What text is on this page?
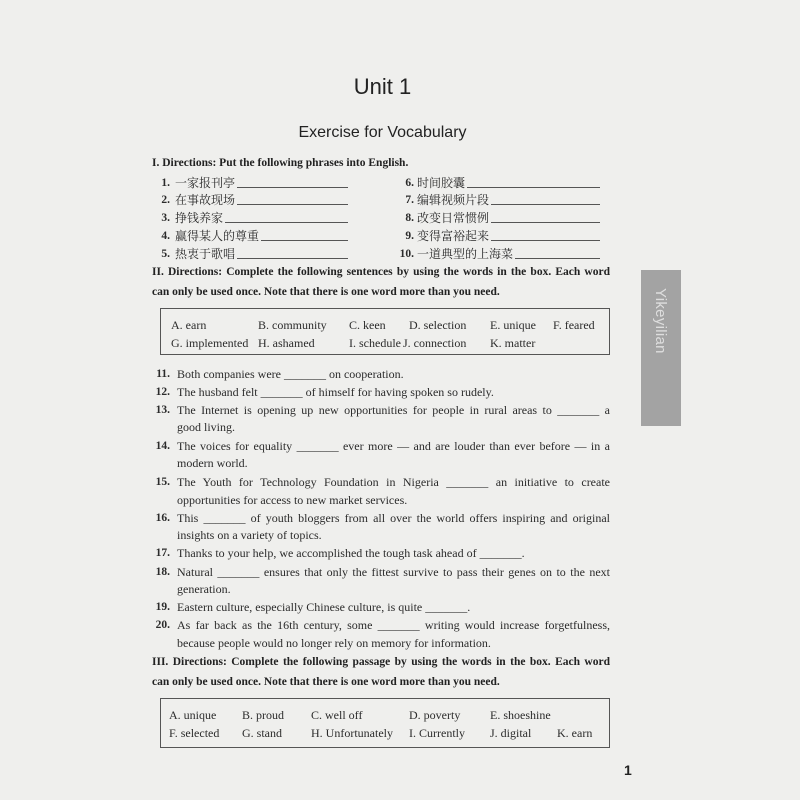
Unit 1
Exercise for Vocabulary
Yikeyilian
I. Directions: Put the following phrases into English.
1. 一家报刊亭
2. 在事故现场
3. 挣钱养家
4. 赢得某人的尊重
5. 热衷于歌唱
6. 时间胶囊
7. 编辑视频片段
8. 改变日常惯例
9. 变得富裕起来
10. 一道典型的上海菜
II. Directions: Complete the following sentences by using the words in the box. Each word
can only be used once. Note that there is one word more than you need.
A. earn	B. community C. keen D. selection E. unique F. feared
G. implemented H. ashamed	I. schedule J. connection K. matter
11. Both companies were _______ on cooperation.
12. The husband felt _______ of himself for having spoken so rudely.
13. The Internet is opening up new opportunities for people in rural areas to _______ a
good living.
14. The voices for equality _______ ever more — and are louder than ever before — in a
modern world.
15. The Youth for Technology Foundation in Nigeria _______ an initiative to create
opportunities for access to new market services.
16. This _______ of youth bloggers from all over the world offers inspiring and original
insights on a variety of topics.
17. Thanks to your help, we accomplished the tough task ahead of _______.
18. Natural _______ ensures that only the fittest survive to pass their genes on to the next
generation.
19. Eastern culture, especially Chinese culture, is quite _______.
20. As far back as the 16th century, some _______ writing would increase forgetfulness,
because people would no longer rely on memory for information.
III. Directions: Complete the following passage by using the words in the box. Each word
can only be used once. Note that there is one word more than you need.
A. unique B. proud C. well off	D. poverty E. shoeshine
F. selected G. stand H. Unfortunately I. Currently J. digital K. earn
1
